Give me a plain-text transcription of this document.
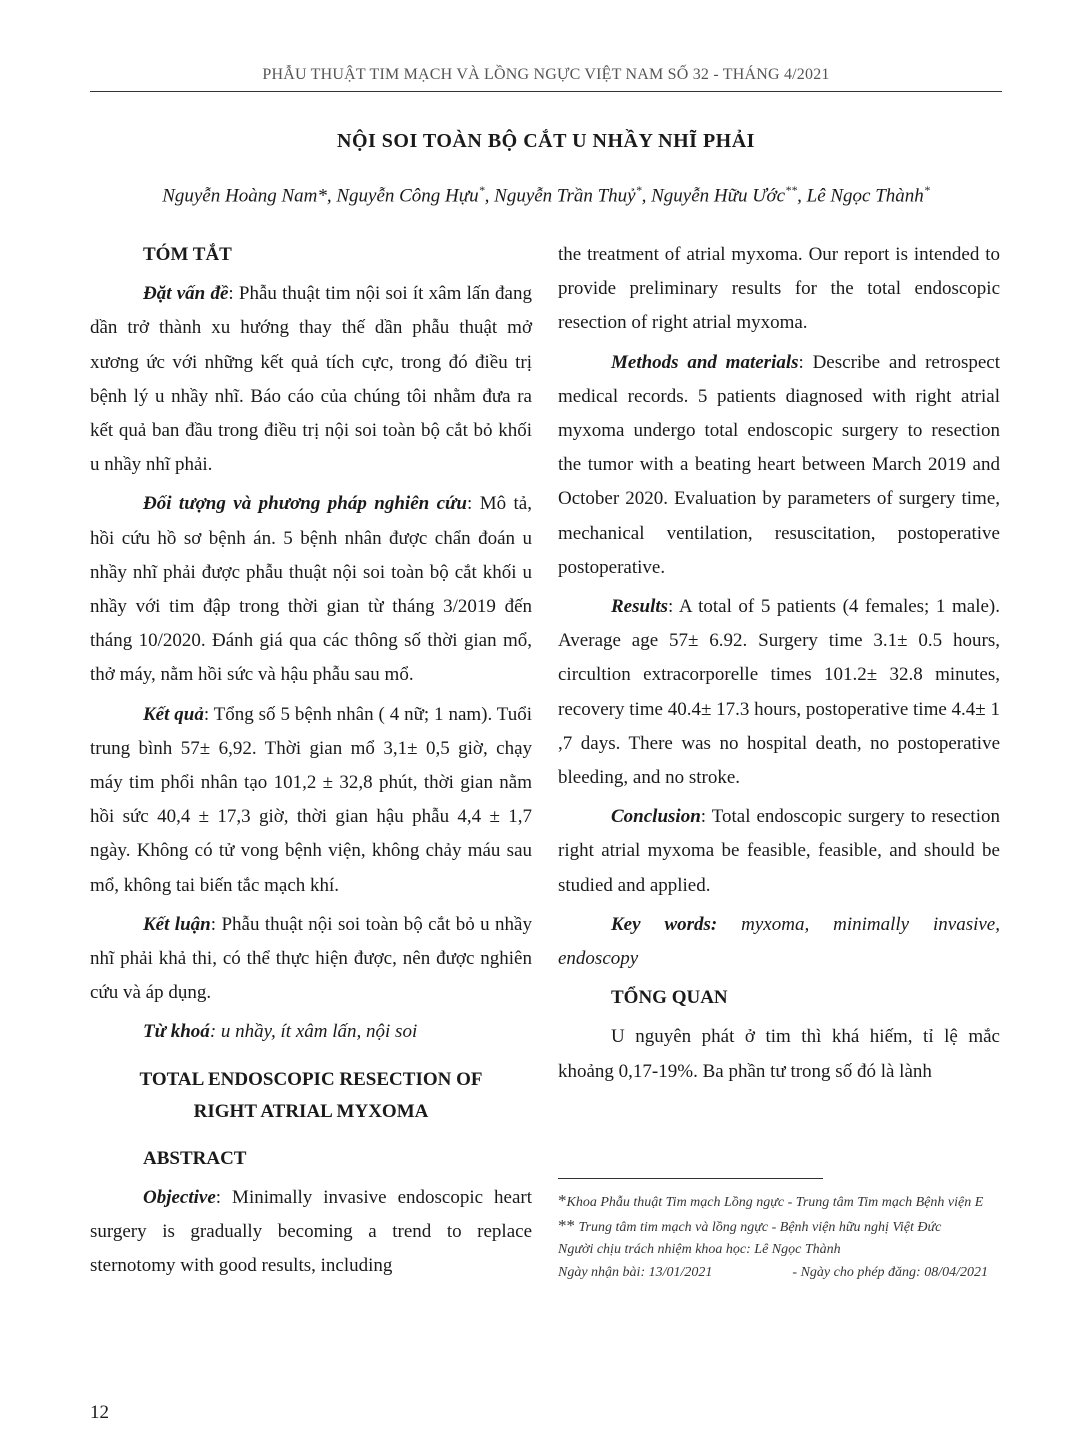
PHẪU THUẬT TIM MẠCH VÀ LỒNG NGỰC VIỆT NAM SỐ 32 - THÁNG 4/2021
NỘI SOI TOÀN BỘ CẮT U NHẦY NHĨ PHẢI
Nguyễn Hoàng Nam*, Nguyễn Công Hựu*, Nguyễn Trần Thuỷ*, Nguyễn Hữu Ước**, Lê Ngọc Thành*
TÓM TẮT

Đặt vấn đề: Phẫu thuật tim nội soi ít xâm lấn đang dần trở thành xu hướng thay thế dần phẫu thuật mở xương ức với những kết quả tích cực, trong đó điều trị bệnh lý u nhầy nhĩ. Báo cáo của chúng tôi nhằm đưa ra kết quả ban đầu trong điều trị nội soi toàn bộ cắt bỏ khối u nhầy nhĩ phải.

Đối tượng và phương pháp nghiên cứu: Mô tả, hồi cứu hồ sơ bệnh án. 5 bệnh nhân được chẩn đoán u nhầy nhĩ phải được phẫu thuật nội soi toàn bộ cắt khối u nhầy với tim đập trong thời gian từ tháng 3/2019 đến tháng 10/2020. Đánh giá qua các thông số thời gian mổ, thở máy, nằm hồi sức và hậu phẫu sau mổ.

Kết quả: Tổng số 5 bệnh nhân ( 4 nữ; 1 nam). Tuổi trung bình 57± 6,92. Thời gian mổ 3,1± 0,5 giờ, chạy máy tim phổi nhân tạo 101,2 ± 32,8 phút, thời gian nằm hồi sức 40,4 ± 17,3 giờ, thời gian hậu phẫu 4,4 ± 1,7 ngày. Không có tử vong bệnh viện, không chảy máu sau mổ, không tai biến tắc mạch khí.

Kết luận: Phẫu thuật nội soi toàn bộ cắt bỏ u nhầy nhĩ phải khả thi, có thể thực hiện được, nên được nghiên cứu và áp dụng.

Từ khoá: u nhầy, ít xâm lấn, nội soi

TOTAL ENDOSCOPIC RESECTION OF
RIGHT ATRIAL MYXOMA
ABSTRACT

Objective: Minimally invasive endoscopic heart surgery is gradually becoming a trend to replace sternotomy with good results, including

the treatment of atrial myxoma. Our report is intended to provide preliminary results for the total endoscopic resection of right atrial myxoma.

Methods and materials: Describe and retrospect medical records. 5 patients diagnosed with right atrial myxoma undergo total endoscopic surgery to resection the tumor with a beating heart between March 2019 and October 2020. Evaluation by parameters of surgery time, mechanical ventilation, resuscitation, postoperative postoperative.

Results: A total of 5 patients (4 females; 1 male). Average age 57± 6.92. Surgery time 3.1± 0.5 hours, circultion extracorporelle times 101.2± 32.8 minutes, recovery time 40.4± 17.3 hours, postoperative time 4.4± 1 ,7 days. There was no hospital death, no postoperative bleeding, and no stroke.

Conclusion: Total endoscopic surgery to resection right atrial myxoma be feasible, feasible, and should be studied and applied.

Key words: myxoma, minimally invasive, endoscopy

TỔNG QUAN

U nguyên phát ở tim thì khá hiếm, tỉ lệ mắc khoảng 0,17-19%. Ba phần tư trong số đó là lành

*Khoa Phẫu thuật Tim mạch Lồng ngực - Trung tâm Tim mạch Bệnh viện E

** Trung tâm tim mạch và lồng ngực - Bệnh viện hữu nghị Việt Đức

Người chịu trách nhiệm khoa học: Lê Ngọc Thành

Ngày nhận bài: 13/01/2021	- Ngày cho phép đăng: 08/04/2021
12
